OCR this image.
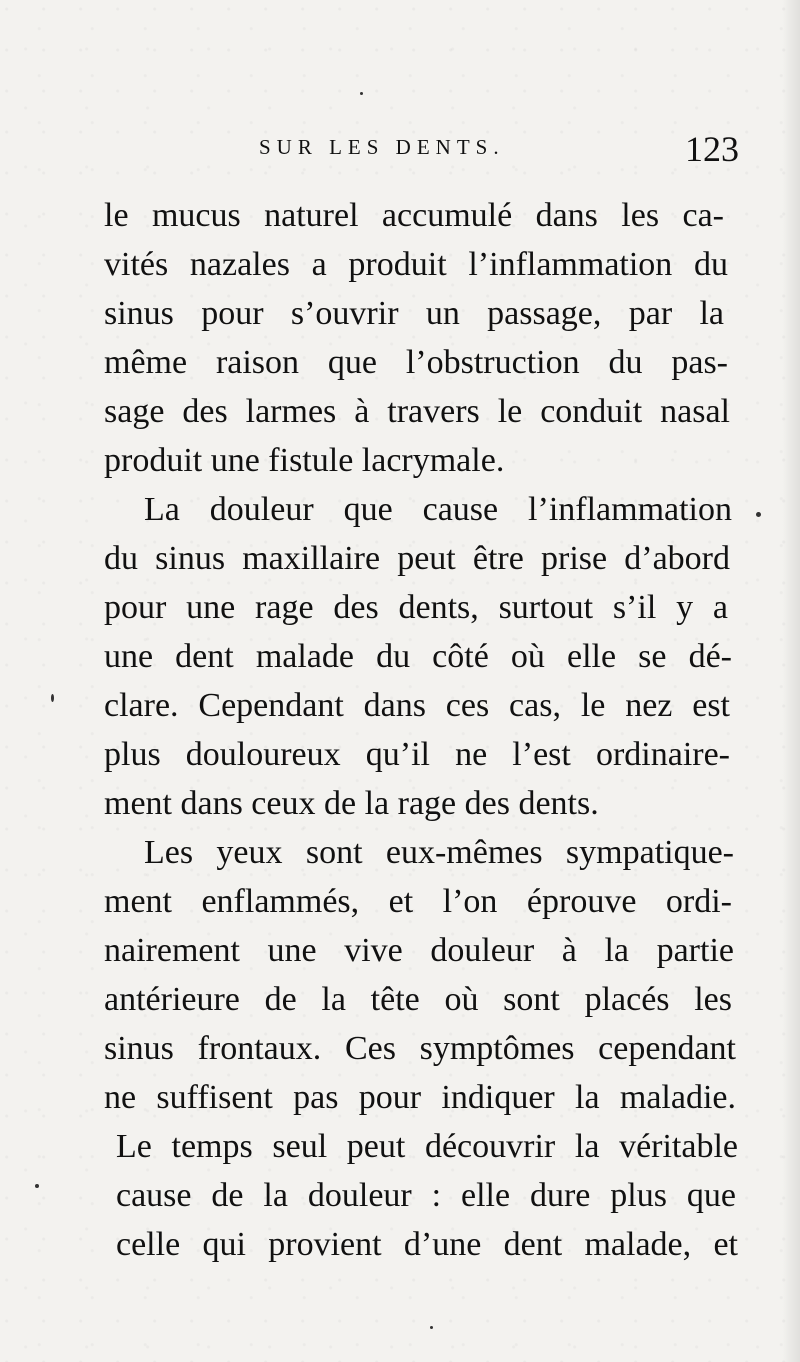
SUR LES DENTS.	123
le mucus naturel accumulé dans les ca-
vités nazales a produit l’inflammation du
sinus pour s’ouvrir un passage, par la
même raison que l’obstruction du pas-
sage des larmes à travers le conduit nasal
produit une fistule lacrymale.
La douleur que cause l’inflammation
du sinus maxillaire peut être prise d’abord
pour une rage des dents, surtout s’il y a
une dent malade du côté où elle se dé-
clare. Cependant dans ces cas, le nez est
plus douloureux qu’il ne l’est ordinaire-
ment dans ceux de la rage des dents.
Les yeux sont eux-mêmes sympatique-
ment enflammés, et l’on éprouve ordi-
nairement une vive douleur à la partie
antérieure de la tête où sont placés les
sinus frontaux. Ces symptômes cependant
ne suffisent pas pour indiquer la maladie.
Le temps seul peut découvrir la véritable
cause de la douleur : elle dure plus que
celle qui provient d’une dent malade, et
